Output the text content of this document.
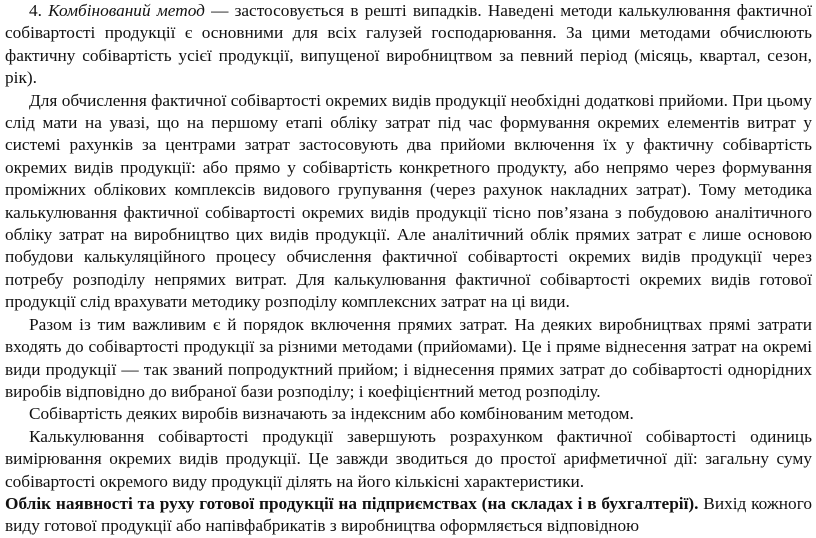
4. Комбінований метод — застосовується в решті випадків. Наведені методи калькулювання фактичної собівартості продукції є основними для всіх галузей господарювання. За цими методами обчислюють фактичну собівартість усієї продукції, випущеної виробництвом за певний період (місяць, квартал, сезон, рік).

Для обчислення фактичної собівартості окремих видів продукції необхідні додаткові прийоми. При цьому слід мати на увазі, що на першому етапі обліку затрат під час формування окремих елементів витрат у системі рахунків за центрами затрат застосовують два прийоми включення їх у фактичну собівартість окремих видів продукції: або прямо у собівартість конкретного продукту, або непрямо через формування проміжних облікових комплексів видового групування (через рахунок накладних затрат). Тому методика калькулювання фактичної собівартості окремих видів продукції тісно пов’язана з побудовою аналітичного обліку затрат на виробництво цих видів продукції. Але аналітичний облік прямих затрат є лише основою побудови калькуляційного процесу обчислення фактичної собівартості окремих видів продукції через потребу розподілу непрямих витрат. Для калькулювання фактичної собівартості окремих видів готової продукції слід врахувати методику розподілу комплексних затрат на ці види.

Разом із тим важливим є й порядок включення прямих затрат. На деяких виробництвах прямі затрати входять до собівартості продукції за різними методами (прийомами). Це і пряме віднесення затрат на окремі види продукції — так званий попродуктний прийом; і віднесення прямих затрат до собівартості однорідних виробів відповідно до вибраної бази розподілу; і коефіцієнтний метод розподілу.

Собівартість деяких виробів визначають за індексним або комбінованим методом.

Калькулювання собівартості продукції завершують розрахунком фактичної собівартості одиниць вимірювання окремих видів продукції. Це завжди зводиться до простої арифметичної дії: загальну суму собівартості окремого виду продукції ділять на його кількісні характеристики.

Облік наявності та руху готової продукції на підприємствах (на складах і в бухгалтерії). Вихід кожного виду готової продукції або напівфабрикатів з виробництва оформляється відповідною
